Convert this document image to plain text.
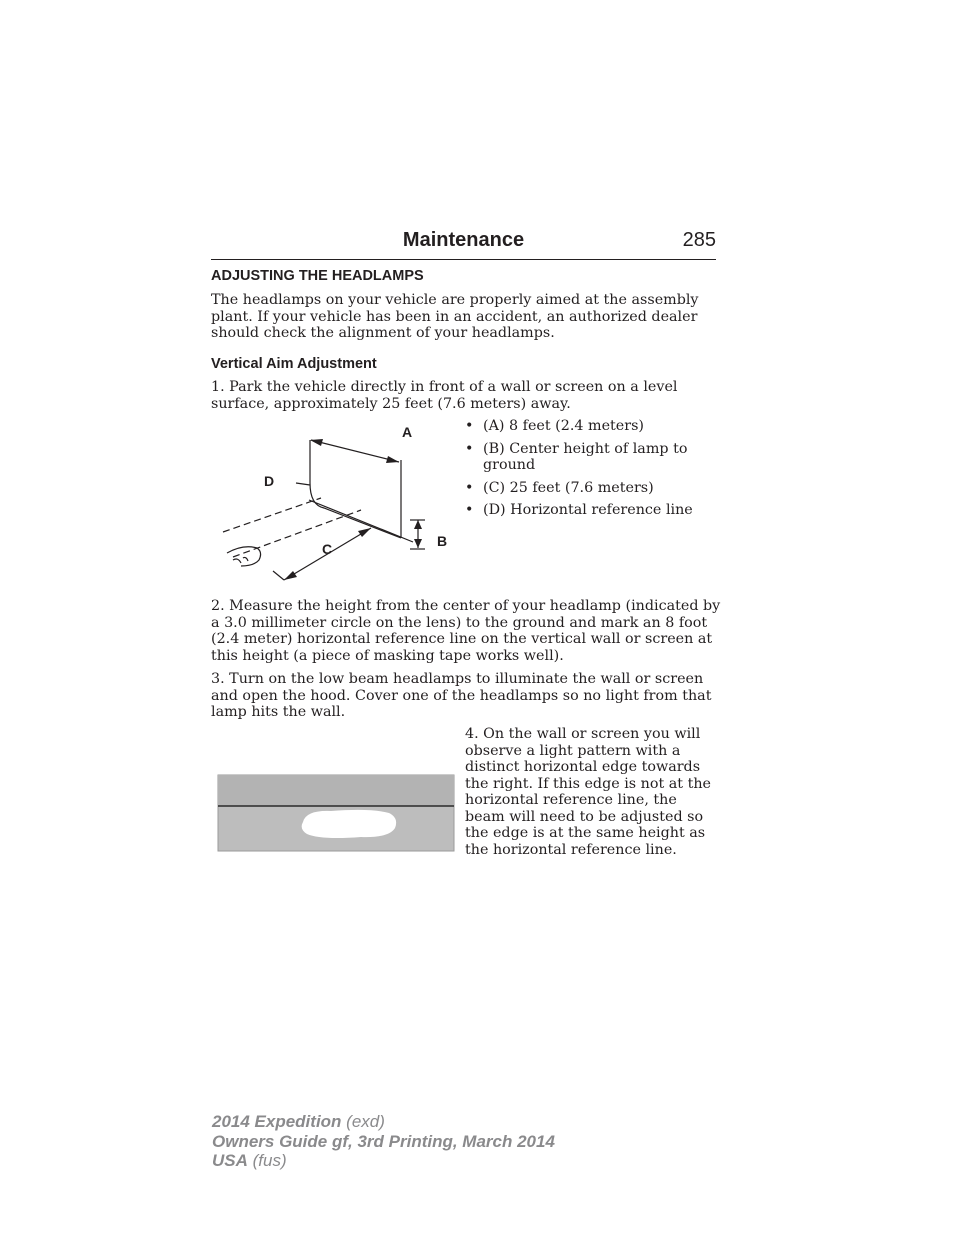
Maintenance	285
ADJUSTING THE HEADLAMPS
The headlamps on your vehicle are properly aimed at the assembly plant. If your vehicle has been in an accident, an authorized dealer should check the alignment of your headlamps.
Vertical Aim Adjustment
1. Park the vehicle directly in front of a wall or screen on a level surface, approximately 25 feet (7.6 meters) away.
A
D
B
C
• (A) 8 feet (2.4 meters)
• (B) Center height of lamp to ground
• (C) 25 feet (7.6 meters)
• (D) Horizontal reference line
2. Measure the height from the center of your headlamp (indicated by a 3.0 millimeter circle on the lens) to the ground and mark an 8 foot (2.4 meter) horizontal reference line on the vertical wall or screen at this height (a piece of masking tape works well).
3. Turn on the low beam headlamps to illuminate the wall or screen and open the hood. Cover one of the headlamps so no light from that lamp hits the wall.
4. On the wall or screen you will observe a light pattern with a distinct horizontal edge towards the right. If this edge is not at the horizontal reference line, the beam will need to be adjusted so the edge is at the same height as the horizontal reference line.
2014 Expedition (exd)
Owners Guide gf, 3rd Printing, March 2014
USA (fus)
